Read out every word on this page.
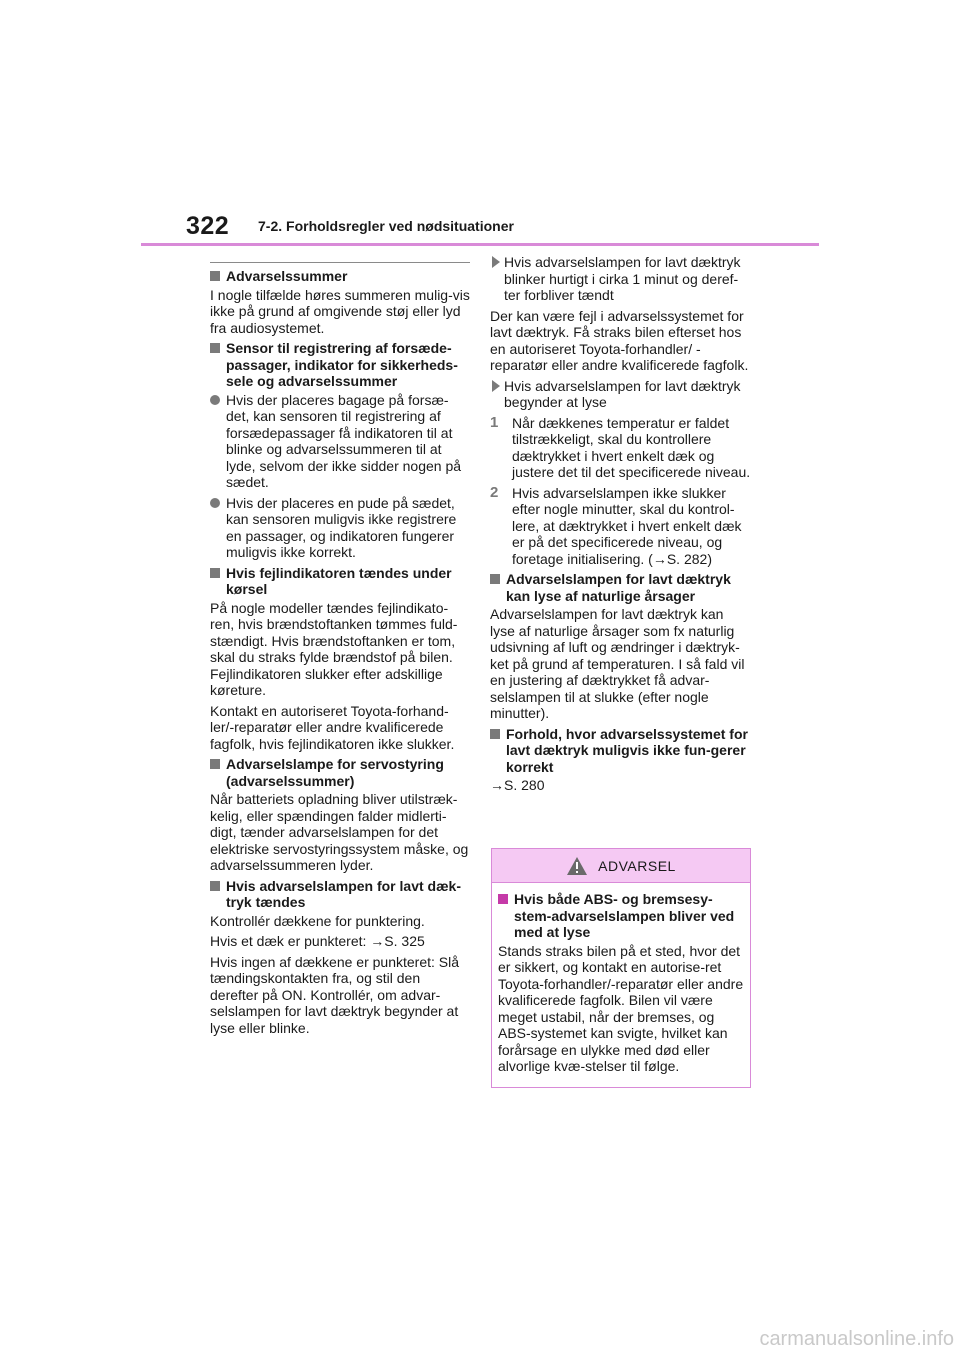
322 7-2. Forholdsregler ved nødsituationer
Advarselssummer

I nogle tilfælde høres summeren mulig-vis ikke på grund af omgivende støj eller lyd fra audiosystemet.

Sensor til registrering af forsæde-passager, indikator for sikkerheds-sele og advarselssummer
Hvis der placeres bagage på forsæ-det, kan sensoren til registrering af forsædepassager få indikatoren til at blinke og advarselssummeren til at lyde, selvom der ikke sidder nogen på sædet.
Hvis der placeres en pude på sædet, kan sensoren muligvis ikke registrere en passager, og indikatoren fungerer muligvis ikke korrekt.
Hvis fejlindikatoren tændes under kørsel

På nogle modeller tændes fejlindikato-ren, hvis brændstoftanken tømmes fuld-stændigt. Hvis brændstoftanken er tom, skal du straks fylde brændstof på bilen. Fejlindikatoren slukker efter adskillige køreture.

Kontakt en autoriseret Toyota-forhand-ler/-reparatør eller andre kvalificerede fagfolk, hvis fejlindikatoren ikke slukker.

Advarselslampe for servostyring (advarselssummer)

Når batteriets opladning bliver utilstræk-kelig, eller spændingen falder midlerti-digt, tænder advarselslampen for det elektriske servostyringssystem måske, og advarselssummeren lyder.

Hvis advarselslampen for lavt dæk-tryk tændes

Kontrollér dækkene for punktering.

Hvis et dæk er punkteret: →S. 325

Hvis ingen af dækkene er punkteret: Slå tændingskontakten fra, og stil den derefter på ON. Kontrollér, om advar-selslampen for lavt dæktryk begynder at lyse eller blinke.

Hvis advarselslampen for lavt dæktryk blinker hurtigt i cirka 1 minut og deref-ter forbliver tændt

Der kan være fejl i advarselssystemet for lavt dæktryk. Få straks bilen efterset hos en autoriseret Toyota-forhandler/ -reparatør eller andre kvalificerede fagfolk.

Hvis advarselslampen for lavt dæktryk begynder at lyse
1 Når dækkenes temperatur er faldet tilstrækkeligt, skal du kontrollere dæktrykket i hvert enkelt dæk og justere det til det specificerede niveau.
2 Hvis advarselslampen ikke slukker efter nogle minutter, skal du kontrol-lere, at dæktrykket i hvert enkelt dæk er på det specificerede niveau, og foretage initialisering. (→S. 282)
Advarselslampen for lavt dæktryk kan lyse af naturlige årsager

Advarselslampen for lavt dæktryk kan lyse af naturlige årsager som fx naturlig udsivning af luft og ændringer i dæktryk-ket på grund af temperaturen. I så fald vil en justering af dæktrykket få advar-selslampen til at slukke (efter nogle minutter).

Forhold, hvor advarselssystemet for lavt dæktryk muligvis ikke fun-gerer korrekt

→S. 280

ADVARSEL
Hvis både ABS- og bremsesy-stem-advarselslampen bliver ved med at lyse

Stands straks bilen på et sted, hvor det er sikkert, og kontakt en autorise-ret Toyota-forhandler/-reparatør eller andre kvalificerede fagfolk. Bilen vil være meget ustabil, når der bremses, og ABS-systemet kan svigte, hvilket kan forårsage en ulykke med død eller alvorlige kvæ-stelser til følge.

carmanualsonline.info
